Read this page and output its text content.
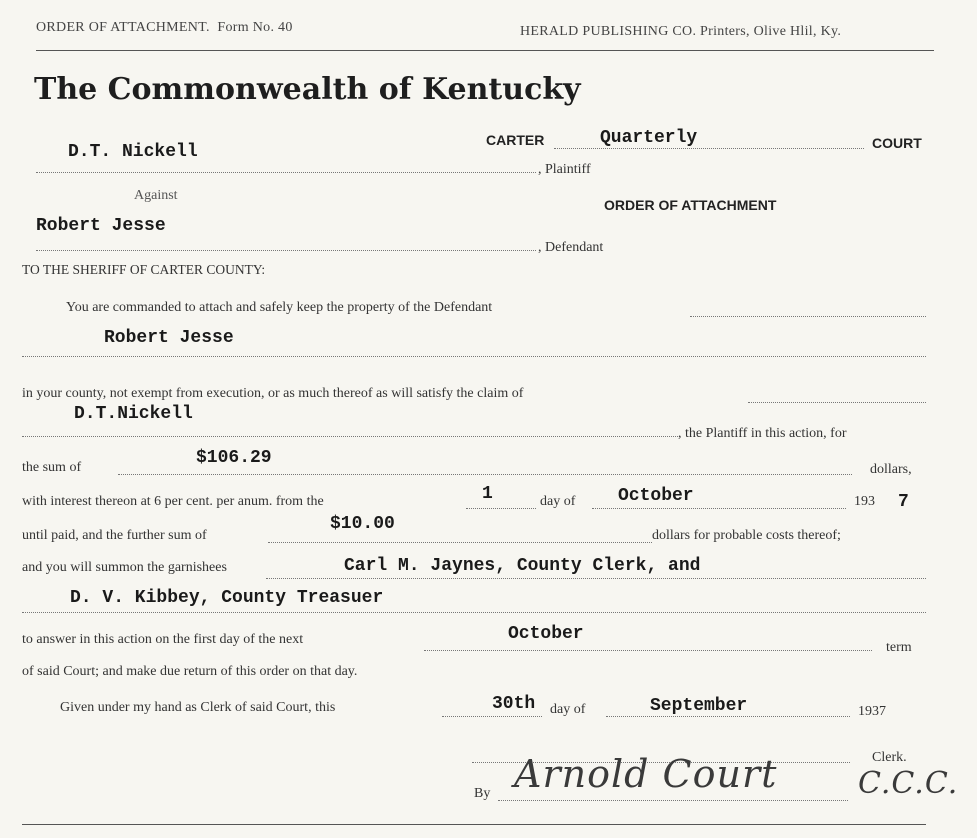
ORDER OF ATTACHMENT. Form No. 40	HERALD PUBLISHING CO. Printers, Olive Hlil, Ky.
The Commonwealth of Kentucky
CARTER	Quarterly	COURT
D.T. Nickell
, Plaintiff
Against
ORDER OF ATTACHMENT
Robert Jesse
, Defendant
TO THE SHERIFF OF CARTER COUNTY:
You are commanded to attach and safely keep the property of the Defendant
Robert Jesse
in your county, not exempt from execution, or as much thereof as will satisfy the claim of
D.T.Nickell
, the Plantiff in this action, for
the sum of	$106.29
dollars,
with interest thereon at 6 per cent. per anum. from the	1	day of October	193 7
until paid, and the further sum of
$10.00
dollars for probable costs thereof;
and you will summon the garnishees	Carl M. Jaynes, County Clerk, and
D. V. Kibbey, County Treasuer
to answer in this action on the first day of the next	October
term
of said Court; and make due return of this order on that day.
Given under my hand as Clerk of said Court, this	30th day of	September	1937
Clerk.
By Arnold Court	C.C.C.
